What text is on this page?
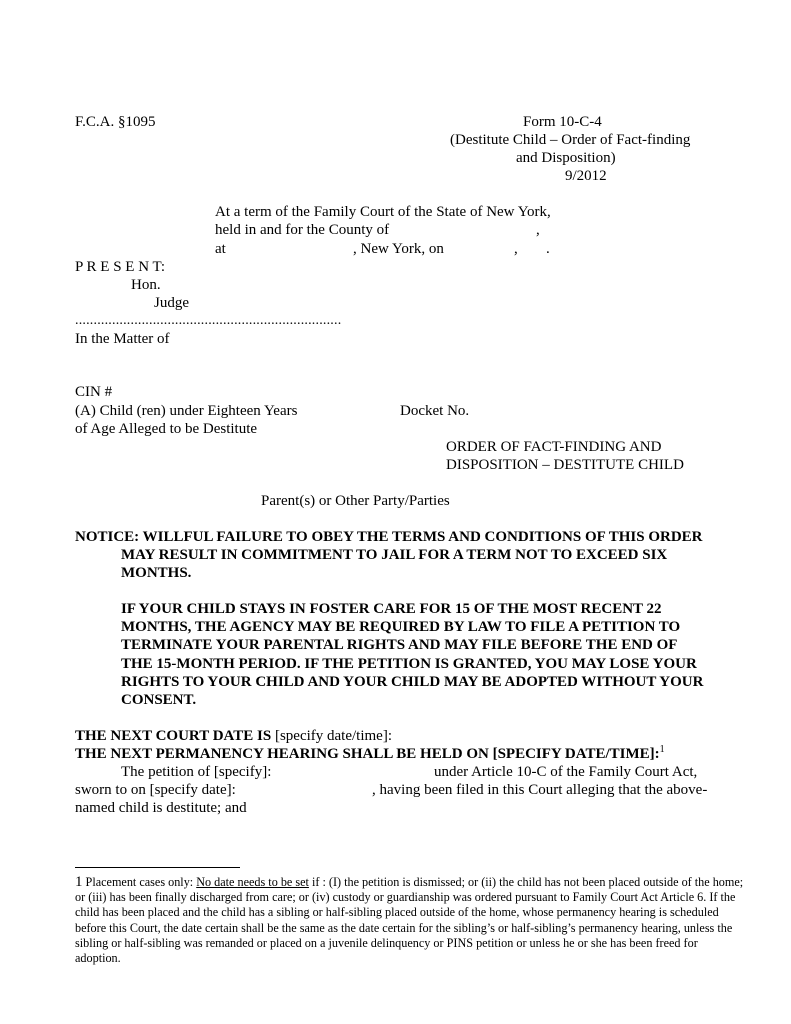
F.C.A. §1095	Form 10-C-4
(Destitute Child – Order of Fact-finding
and Disposition)
9/2012
At a term of the Family Court of the State of New York,
held in and for the County of	,
at	, New York, on	, .
P R E S E N T:
Hon.
Judge
........................................................................
In the Matter of
CIN #
(A) Child (ren) under Eighteen Years	Docket No.
of Age Alleged to be Destitute
ORDER OF FACT-FINDING AND
DISPOSITION – DESTITUTE CHILD
Parent(s) or Other Party/Parties
NOTICE: WILLFUL FAILURE TO OBEY THE TERMS AND CONDITIONS OF THIS ORDER
MAY RESULT IN COMMITMENT TO JAIL FOR A TERM NOT TO EXCEED SIX
MONTHS.
IF YOUR CHILD STAYS IN FOSTER CARE FOR 15 OF THE MOST RECENT 22
MONTHS, THE AGENCY MAY BE REQUIRED BY LAW TO FILE A PETITION TO
TERMINATE YOUR PARENTAL RIGHTS AND MAY FILE BEFORE THE END OF
THE 15-MONTH PERIOD. IF THE PETITION IS GRANTED, YOU MAY LOSE YOUR
RIGHTS TO YOUR CHILD AND YOUR CHILD MAY BE ADOPTED WITHOUT YOUR
CONSENT.
THE NEXT COURT DATE IS [specify date/time]:
THE NEXT PERMANENCY HEARING SHALL BE HELD ON [SPECIFY DATE/TIME]:$^1$
The petition of [specify]:	under Article 10-C of the Family Court Act,
sworn to on [specify date]:	, having been filed in this Court alleging that the above-
named child is destitute; and
1 Placement cases only: No date needs to be set if : (I) the petition is dismissed; or (ii) the child has not been placed outside of the home; or (iii) has been finally discharged from care; or (iv) custody or guardianship was ordered pursuant to Family Court Act Article 6. If the child has been placed and the child has a sibling or half-sibling placed outside of the home, whose permanency hearing is scheduled before this Court, the date certain shall be the same as the date certain for the sibling’s or half-sibling’s permanency hearing, unless the sibling or half-sibling was remanded or placed on a juvenile delinquency or PINS petition or unless he or she has been freed for adoption.
